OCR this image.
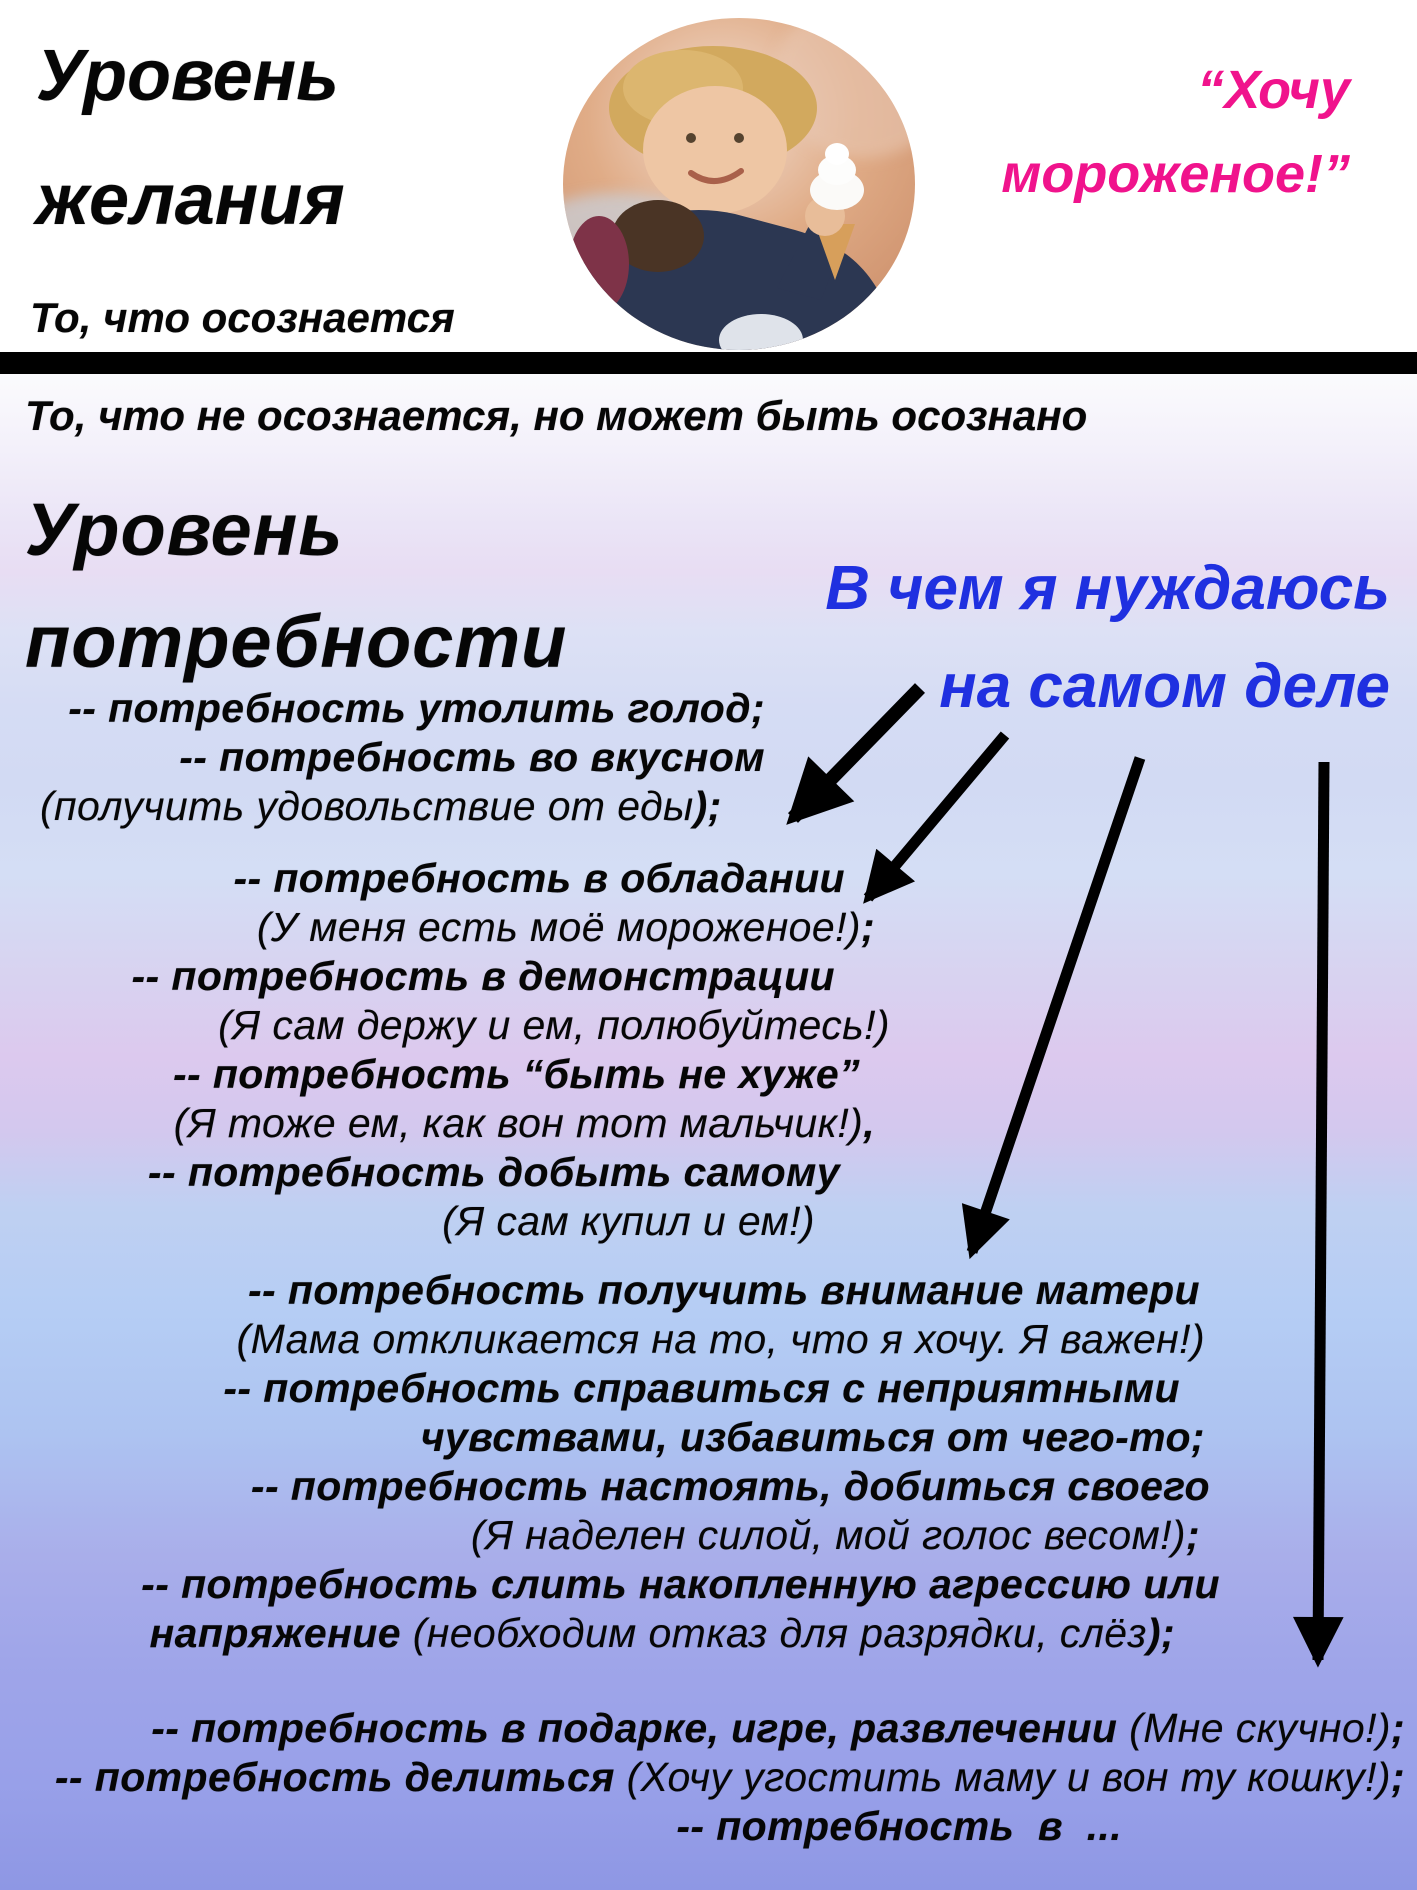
Уровень
желания
“Хочу
мороженое!”
То, что осознается
То, что не осознается, но может быть осознано
Уровень
потребности
В чем я нуждаюсь
на самом деле
-- потребность утолить голод;
-- потребность во вкусном
(получить удовольствие от еды);
-- потребность в обладании
(У меня есть моё мороженое!);
-- потребность в демонстрации
(Я сам держу и ем, полюбуйтесь!)
-- потребность “быть не хуже”
(Я тоже ем, как вон тот мальчик!),
-- потребность добыть самому
(Я сам купил и ем!)
-- потребность получить внимание матери
(Мама откликается на то, что я хочу. Я важен!)
-- потребность справиться с неприятными
чувствами, избавиться от чего-то;
-- потребность настоять, добиться своего
(Я наделен силой, мой голос весом!);
-- потребность слить накопленную агрессию или
напряжение (необходим отказ для разрядки, слёз);
-- потребность в подарке, игре, развлечении (Мне скучно!);
-- потребность делиться (Хочу угостить маму и вон ту кошку!);
-- потребность  в  ...
